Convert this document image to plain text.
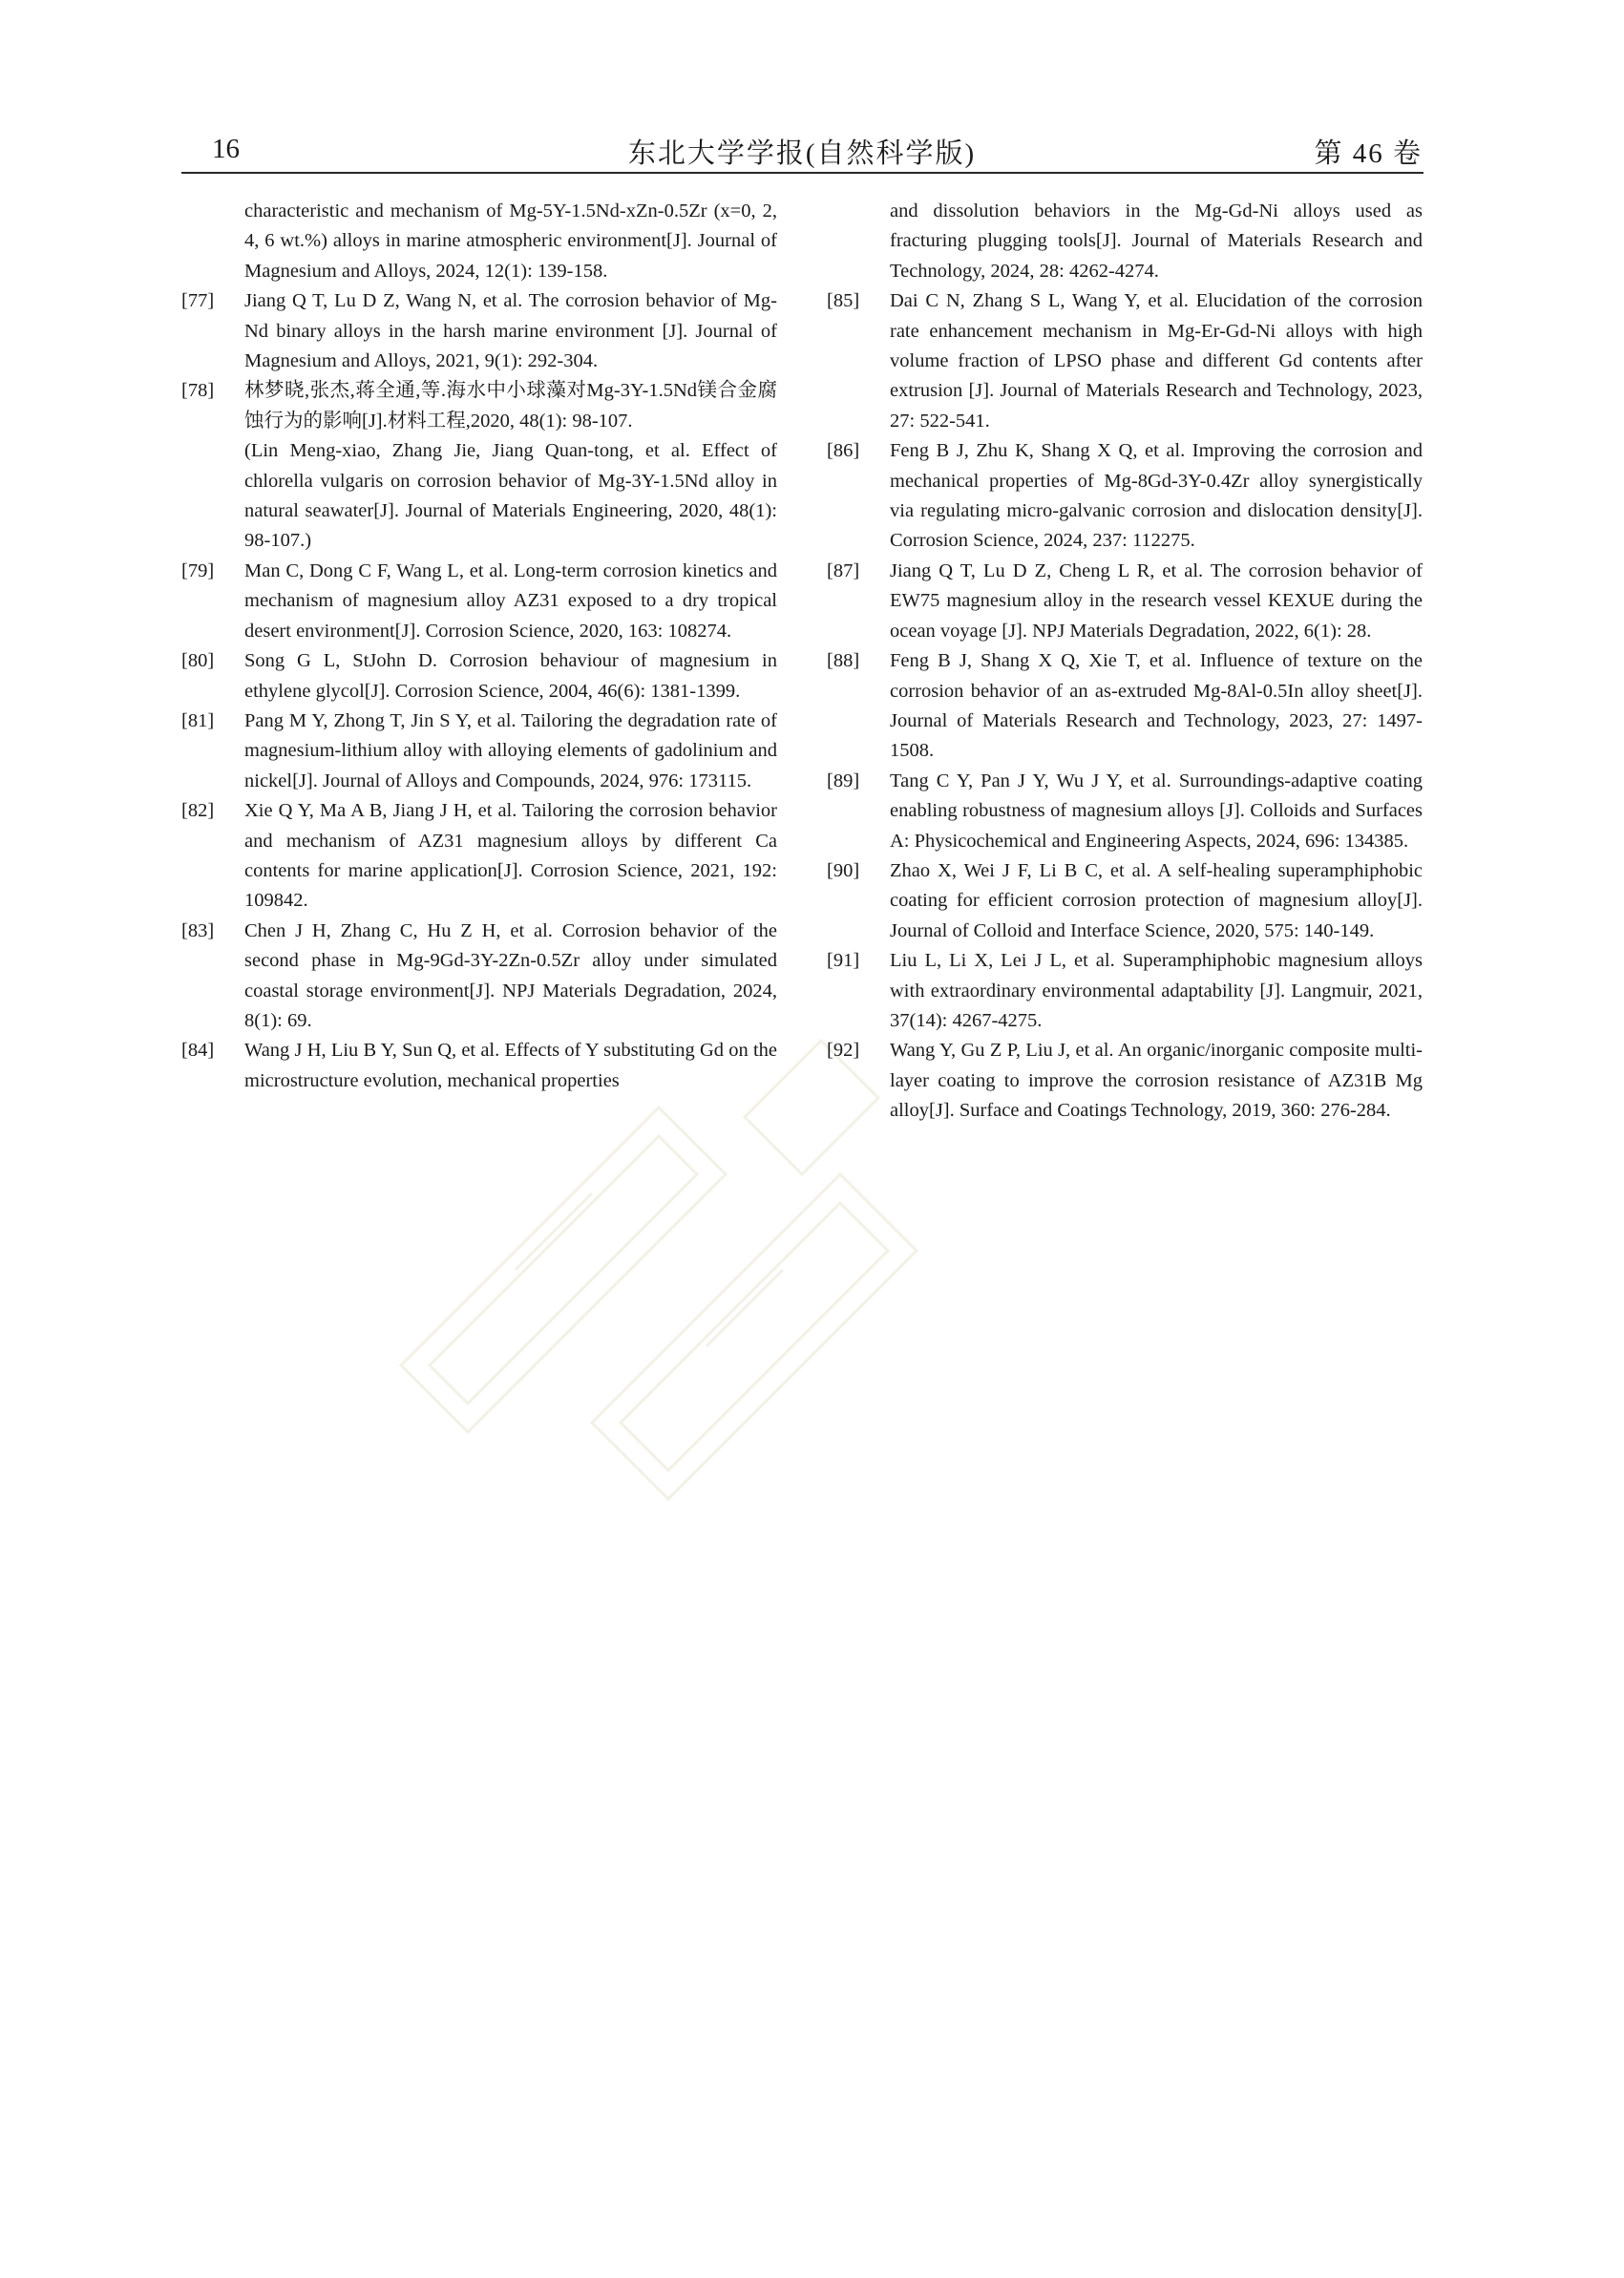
16	东北大学学报(自然科学版)	第 46 卷
characteristic and mechanism of Mg-5Y-1.5Nd-xZn-0.5Zr (x=0, 2, 4, 6 wt.%) alloys in marine atmospheric environment[J]. Journal of Magnesium and Alloys, 2024, 12(1): 139-158.
[77] Jiang Q T, Lu D Z, Wang N, et al. The corrosion behavior of Mg-Nd binary alloys in the harsh marine environment [J]. Journal of Magnesium and Alloys, 2021, 9(1): 292-304.
[78] 林梦晓,张杰,蒋全通,等.海水中小球藻对Mg-3Y-1.5Nd镁合金腐蚀行为的影响[J].材料工程,2020, 48(1): 98-107.
(Lin Meng-xiao, Zhang Jie, Jiang Quan-tong, et al. Effect of chlorella vulgaris on corrosion behavior of Mg-3Y-1.5Nd alloy in natural seawater[J]. Journal of Materials Engineering, 2020, 48(1): 98-107.)
[79] Man C, Dong C F, Wang L, et al. Long-term corrosion kinetics and mechanism of magnesium alloy AZ31 exposed to a dry tropical desert environment[J]. Corrosion Science, 2020, 163: 108274.
[80] Song G L, StJohn D. Corrosion behaviour of magnesium in ethylene glycol[J]. Corrosion Science, 2004, 46(6): 1381-1399.
[81] Pang M Y, Zhong T, Jin S Y, et al. Tailoring the degradation rate of magnesium-lithium alloy with alloying elements of gadolinium and nickel[J]. Journal of Alloys and Compounds, 2024, 976: 173115.
[82] Xie Q Y, Ma A B, Jiang J H, et al. Tailoring the corrosion behavior and mechanism of AZ31 magnesium alloys by different Ca contents for marine application[J]. Corrosion Science, 2021, 192: 109842.
[83] Chen J H, Zhang C, Hu Z H, et al. Corrosion behavior of the second phase in Mg-9Gd-3Y-2Zn-0.5Zr alloy under simulated coastal storage environment[J]. NPJ Materials Degradation, 2024, 8(1): 69.
[84] Wang J H, Liu B Y, Sun Q, et al. Effects of Y substituting Gd on the microstructure evolution, mechanical properties
and dissolution behaviors in the Mg-Gd-Ni alloys used as fracturing plugging tools[J]. Journal of Materials Research and Technology, 2024, 28: 4262-4274.
[85] Dai C N, Zhang S L, Wang Y, et al. Elucidation of the corrosion rate enhancement mechanism in Mg-Er-Gd-Ni alloys with high volume fraction of LPSO phase and different Gd contents after extrusion [J]. Journal of Materials Research and Technology, 2023, 27: 522-541.
[86] Feng B J, Zhu K, Shang X Q, et al. Improving the corrosion and mechanical properties of Mg-8Gd-3Y-0.4Zr alloy synergistically via regulating micro-galvanic corrosion and dislocation density[J]. Corrosion Science, 2024, 237: 112275.
[87] Jiang Q T, Lu D Z, Cheng L R, et al. The corrosion behavior of EW75 magnesium alloy in the research vessel KEXUE during the ocean voyage [J]. NPJ Materials Degradation, 2022, 6(1): 28.
[88] Feng B J, Shang X Q, Xie T, et al. Influence of texture on the corrosion behavior of an as-extruded Mg-8Al-0.5In alloy sheet[J]. Journal of Materials Research and Technology, 2023, 27: 1497-1508.
[89] Tang C Y, Pan J Y, Wu J Y, et al. Surroundings-adaptive coating enabling robustness of magnesium alloys [J]. Colloids and Surfaces A: Physicochemical and Engineering Aspects, 2024, 696: 134385.
[90] Zhao X, Wei J F, Li B C, et al. A self-healing superamphiphobic coating for efficient corrosion protection of magnesium alloy[J]. Journal of Colloid and Interface Science, 2020, 575: 140-149.
[91] Liu L, Li X, Lei J L, et al. Superamphiphobic magnesium alloys with extraordinary environmental adaptability [J]. Langmuir, 2021, 37(14): 4267-4275.
[92] Wang Y, Gu Z P, Liu J, et al. An organic/inorganic composite multi-layer coating to improve the corrosion resistance of AZ31B Mg alloy[J]. Surface and Coatings Technology, 2019, 360: 276-284.
